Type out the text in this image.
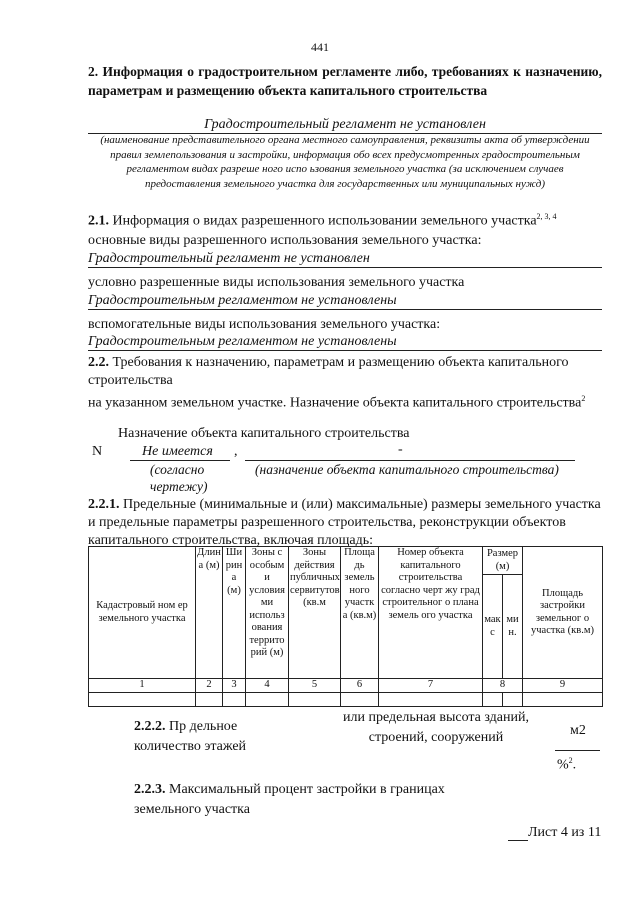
441
2. Информация о градостроительном регламенте либо, требованиях к назначению, параметрам и размещению объекта капитального строительства
Градостроительный регламент не установлен
(наименование представительного органа местного самоуправления, реквизиты акта об утверждении правил землепользования и застройки, информация обо всех предусмотренных градостроительным регламентом видах разреше ного испо ьзования земельного участка (за исключением случаев предоставления земельного участка для государственных или муниципальных нужд)
2.1. Информация о видах разрешенного использовании земельного участка$^{2, 3, 4}$
основные виды разрешенного использования земельного участка:
Градостроительный регламент не установлен
условно разрешенные виды использования земельного участка
Градостроительным регламентом не установлены
вспомогательные виды использования земельного участка:
Градостроительным регламентом не установлены
2.2. Требования к назначению, параметрам и размещению объекта капитального строительства
на указанном земельном участке. Назначение объекта капитального строительства$^2$
Назначение объекта капитального строительства
N	Не имеется ,	-
(согласно чертежу)
(назначение объекта капитального строительства)
2.2.1. Предельные (минимальные и (или) максимальные) размеры земельного участка и предельные параметры разрешенного строительства, реконструкции объектов капитального строительства, включая площадь:
Кадастровый ном ер земельного участка	Длин а (м)	Ши рин а (м)	Зоны с особым и условия ми использ ования террито рий (м)	Зоны действия публичных сервитутов (кв.м	Площа дь земель ного участк а (кв.м)	Номер объекта капитального строительства согласно черт жу град строительног о плана земель ого участка	Размер (м)		Площадь застройки земельног о участка (кв.м)
							мак с	ми н.	
1	2	3	4	5	6	7	8		9

2.2.2. Пр дельное количество этажей
или предельная высота зданий, строений, сооружений	м2
%$^2$.
2.2.3. Максимальный процент застройки в границах земельного участка
Лист 4 из 11
